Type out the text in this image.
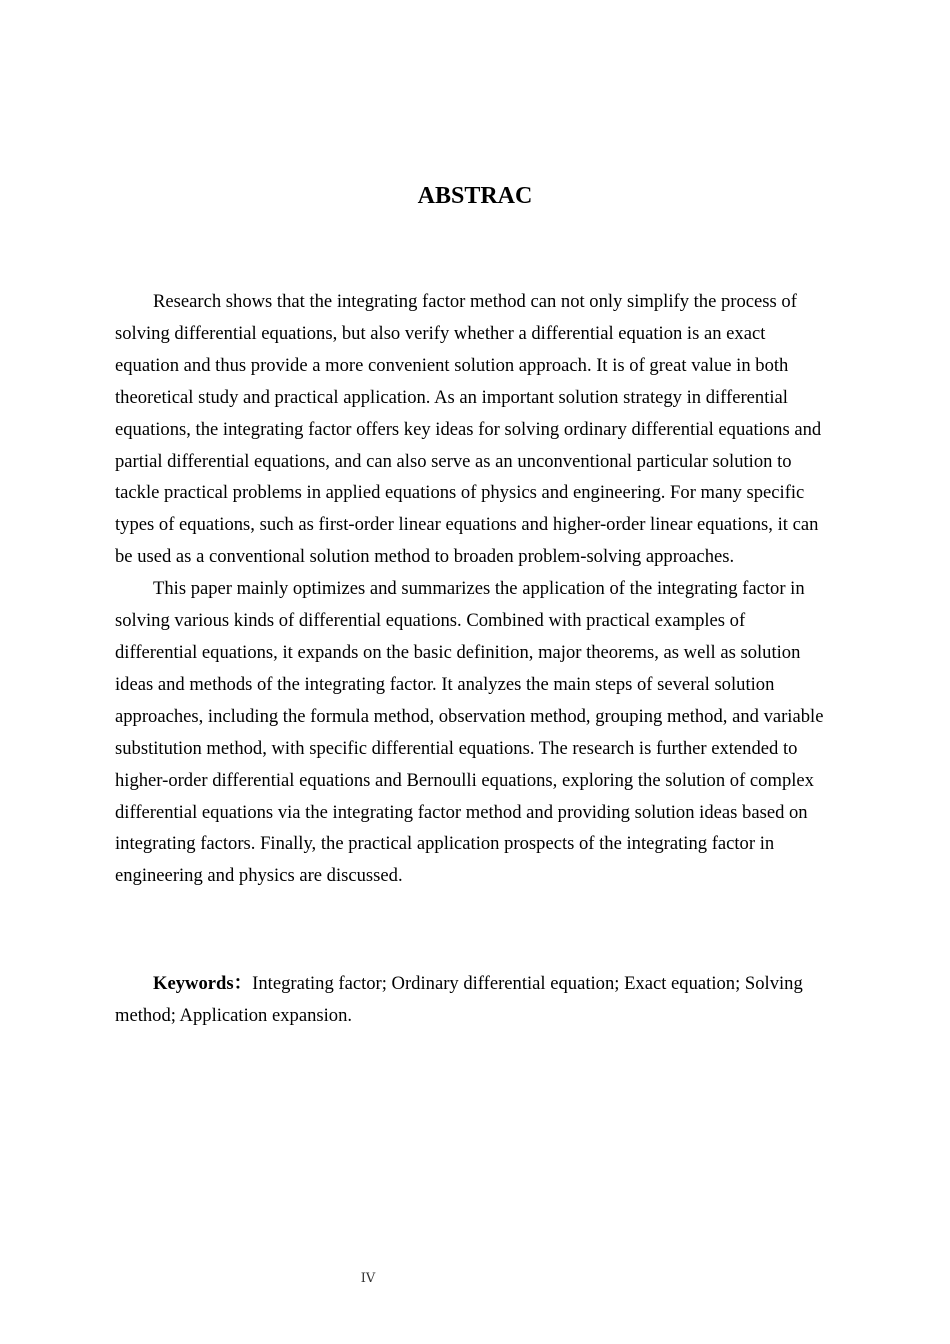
ABSTRAC

Research shows that the integrating factor method can not only simplify the process of solving differential equations, but also verify whether a differential equation is an exact equation and thus provide a more convenient solution approach. It is of great value in both theoretical study and practical application. As an important solution strategy in differential equations, the integrating factor offers key ideas for solving ordinary differential equations and partial differential equations, and can also serve as an unconventional particular solution to tackle practical problems in applied equations of physics and engineering. For many specific types of equations, such as first-order linear equations and higher-order linear equations, it can be used as a conventional solution method to broaden problem-solving approaches.

This paper mainly optimizes and summarizes the application of the integrating factor in solving various kinds of differential equations. Combined with practical examples of differential equations, it expands on the basic definition, major theorems, as well as solution ideas and methods of the integrating factor. It analyzes the main steps of several solution approaches, including the formula method, observation method, grouping method, and variable substitution method, with specific differential equations. The research is further extended to higher-order differential equations and Bernoulli equations, exploring the solution of complex differential equations via the integrating factor method and providing solution ideas based on integrating factors. Finally, the practical application prospects of the integrating factor in engineering and physics are discussed.

Keywords：Integrating factor; Ordinary differential equation; Exact equation; Solving method; Application expansion.

IV
